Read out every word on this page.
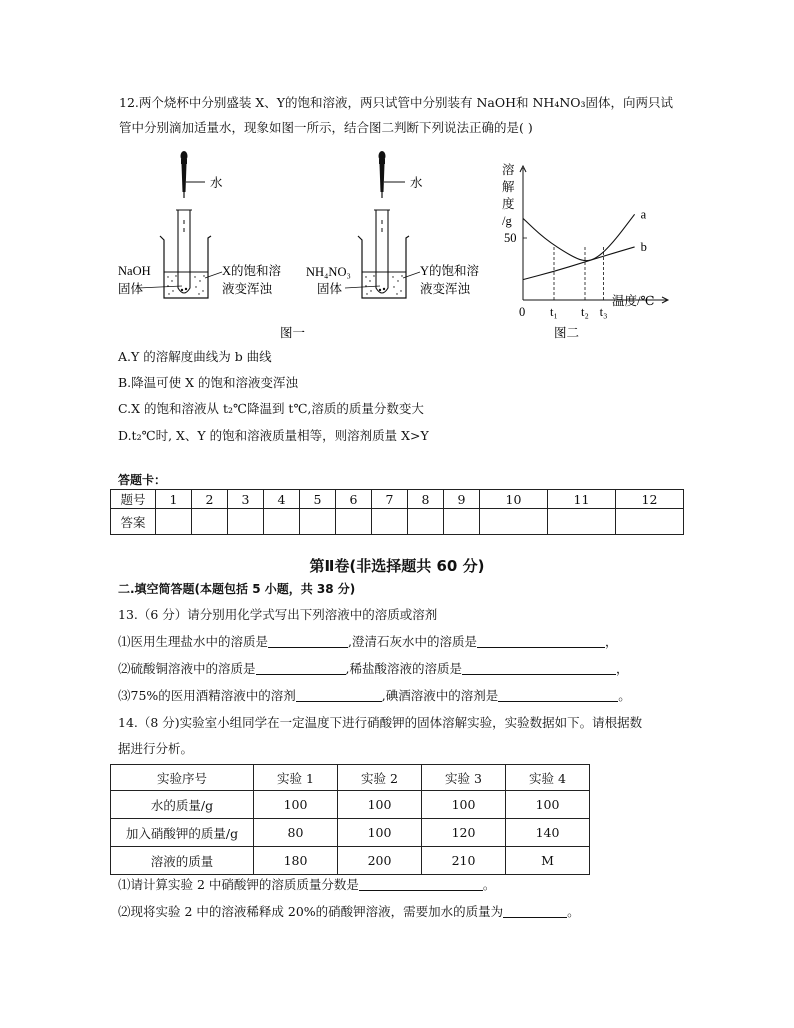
12.两个烧杯中分别盛装 X、Y的饱和溶液，两只试管中分别装有 NaOH和 NH₄NO₃固体，向两只试
管中分别滴加适量水，现象如图一所示，结合图二判断下列说法正确的是( )
水
NaOH
固体
X的饱和溶
液变浑浊
水
NH₄NO₃
固体
Y的饱和溶
液变浑浊
图一
溶
解
度
/g
50
a
b
0 t₁ t₂ t₃
温度/℃
图二
A.Y 的溶解度曲线为 b 曲线
B.降温可使 X 的饱和溶液变浑浊
C.X 的饱和溶液从 t₂℃降温到 t℃,溶质的质量分数变大
D.t₂℃时, X、Y 的饱和溶液质量相等，则溶剂质量 X>Y
答题卡：
题号	1	2	3	4	5	6	7	8	9	10	11	12
答案												
第Ⅱ卷(非选择题共 60 分)
二.填空简答题(本题包括 5 小题，共 38 分)
13.（6 分）请分别用化学式写出下列溶液中的溶质或溶剂
⑴医用生理盐水中的溶质是	,澄清石灰水中的溶质是	，
⑵硫酸铜溶液中的溶质是	,稀盐酸溶液的溶质是	，
⑶75%的医用酒精溶液中的溶剂	,碘酒溶液中的溶剂是	。
14.（8 分)实验室小组同学在一定温度下进行硝酸钾的固体溶解实验，实验数据如下。请根据数
据进行分析。
实验序号	实验 1	实验 2	实验 3	实验 4
水的质量/g	100	100	100	100
加入硝酸钾的质量/g	80	100	120	140
溶液的质量	180	200	210	M
⑴请计算实验 2 中硝酸钾的溶质质量分数是	。
⑵现将实验 2 中的溶液稀释成 20%的硝酸钾溶液，需要加水的质量为	。
